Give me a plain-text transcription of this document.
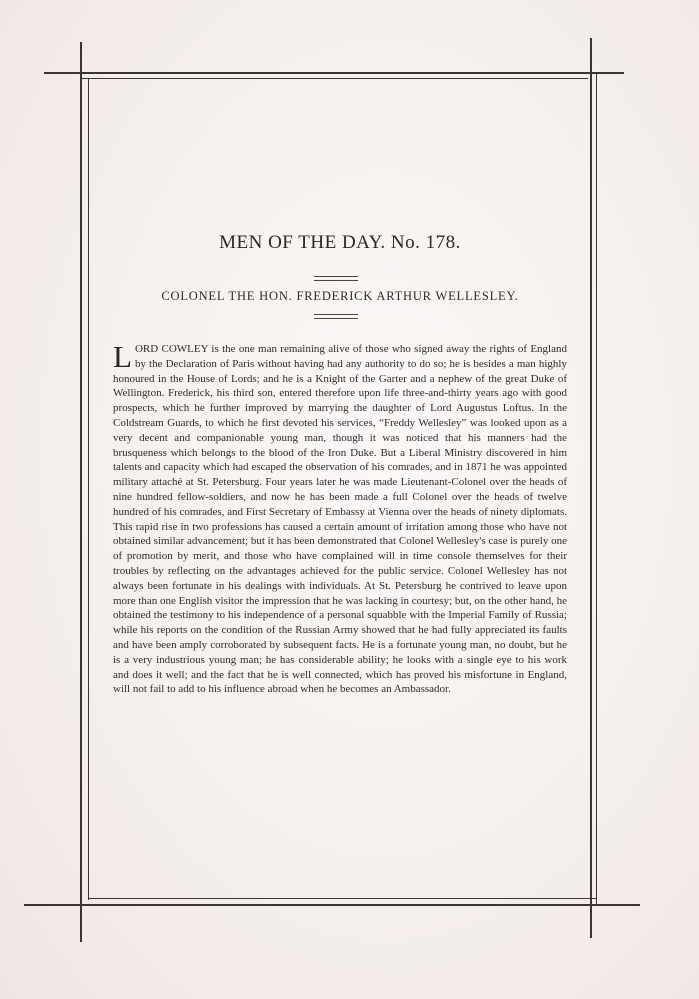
MEN OF THE DAY. No. 178.
COLONEL THE HON. FREDERICK ARTHUR WELLESLEY.

LORD COWLEY is the one man remaining alive of those who signed away the rights of England by the Declaration of Paris without having had any authority to do so; he is besides a man highly honoured in the House of Lords; and he is a Knight of the Garter and a nephew of the great Duke of Wellington. Frederick, his third son, entered therefore upon life three-and-thirty years ago with good prospects, which he further improved by marrying the daughter of Lord Augustus Loftus. In the Coldstream Guards, to which he first devoted his services, “Freddy Wellesley” was looked upon as a very decent and companionable young man, though it was noticed that his manners had the brusqueness which belongs to the blood of the Iron Duke. But a Liberal Ministry discovered in him talents and capacity which had escaped the observation of his comrades, and in 1871 he was appointed military attaché at St. Petersburg. Four years later he was made Lieutenant-Colonel over the heads of nine hundred fellow-soldiers, and now he has been made a full Colonel over the heads of twelve hundred of his comrades, and First Secretary of Embassy at Vienna over the heads of ninety diplomats. This rapid rise in two professions has caused a certain amount of irritation among those who have not obtained similar advancement; but it has been demonstrated that Colonel Wellesley's case is purely one of promotion by merit, and those who have complained will in time console themselves for their troubles by reflecting on the advantages achieved for the public service. Colonel Wellesley has not always been fortunate in his dealings with individuals. At St. Petersburg he contrived to leave upon more than one English visitor the impression that he was lacking in courtesy; but, on the other hand, he obtained the testimony to his independence of a personal squabble with the Imperial Family of Russia; while his reports on the condition of the Russian Army showed that he had fully appreciated its faults and have been amply corroborated by subsequent facts. He is a fortunate young man, no doubt, but he is a very industrious young man; he has considerable ability; he looks with a single eye to his work and does it well; and the fact that he is well connected, which has proved his misfortune in England, will not fail to add to his influence abroad when he becomes an Ambassador.
